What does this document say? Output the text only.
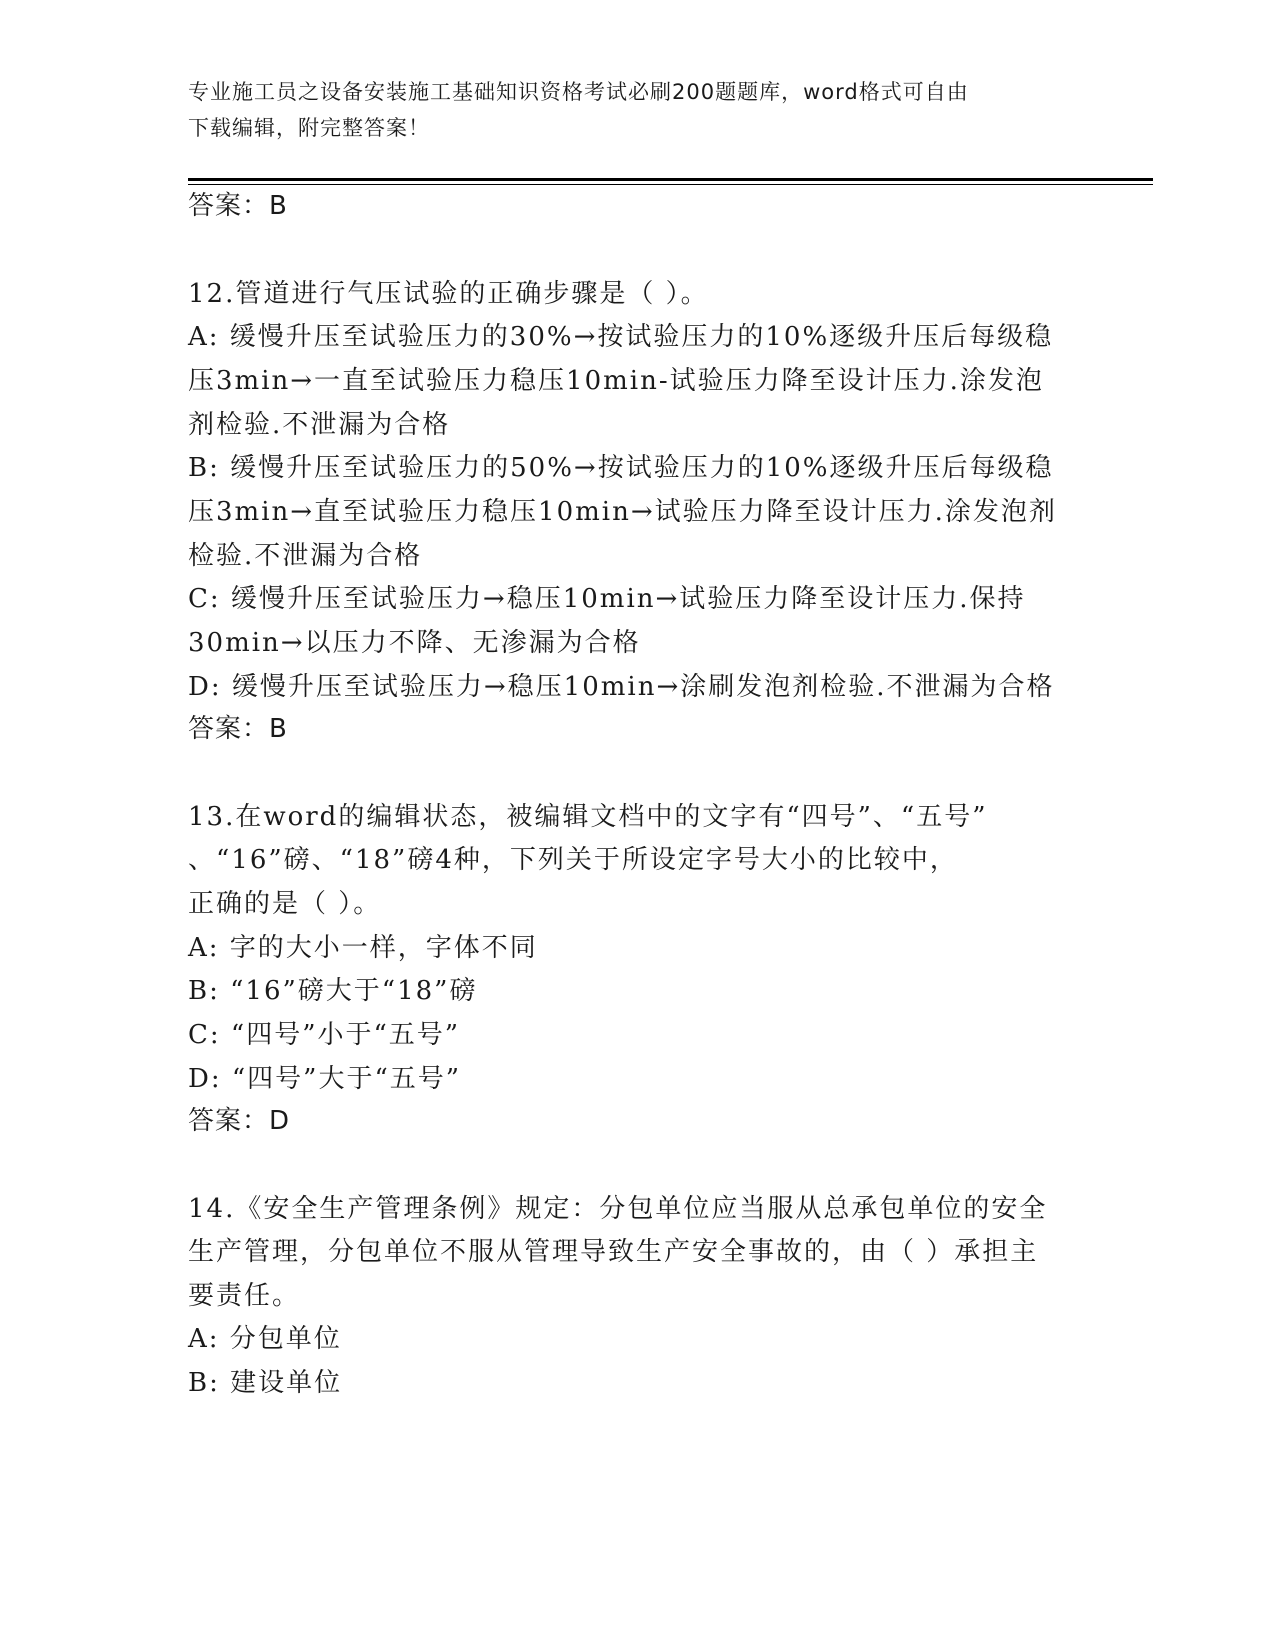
专业施工员之设备安装施工基础知识资格考试必刷200题题库，word格式可自由
下载编辑，附完整答案！
答案：B
12.管道进行气压试验的正确步骤是（ ）。
A: 缓慢升压至试验压力的30%→按试验压力的10%逐级升压后每级稳
压3min→一直至试验压力稳压10min-试验压力降至设计压力.涂发泡
剂检验.不泄漏为合格
B: 缓慢升压至试验压力的50%→按试验压力的10%逐级升压后每级稳
压3min→直至试验压力稳压10min→试验压力降至设计压力.涂发泡剂
检验.不泄漏为合格
C: 缓慢升压至试验压力→稳压10min→试验压力降至设计压力.保持
30min→以压力不降、无渗漏为合格
D: 缓慢升压至试验压力→稳压10min→涂刷发泡剂检验.不泄漏为合格
答案：B
13.在word的编辑状态，被编辑文档中的文字有“四号”、“五号”
、“16”磅、“18”磅4种，下列关于所设定字号大小的比较中，
正确的是（ ）。
A: 字的大小一样，字体不同
B: “16”磅大于“18”磅
C: “四号”小于“五号”
D: “四号”大于“五号”
答案：D
14.《安全生产管理条例》规定：分包单位应当服从总承包单位的安全
生产管理，分包单位不服从管理导致生产安全事故的，由（ ）承担主
要责任。
A: 分包单位
B: 建设单位
